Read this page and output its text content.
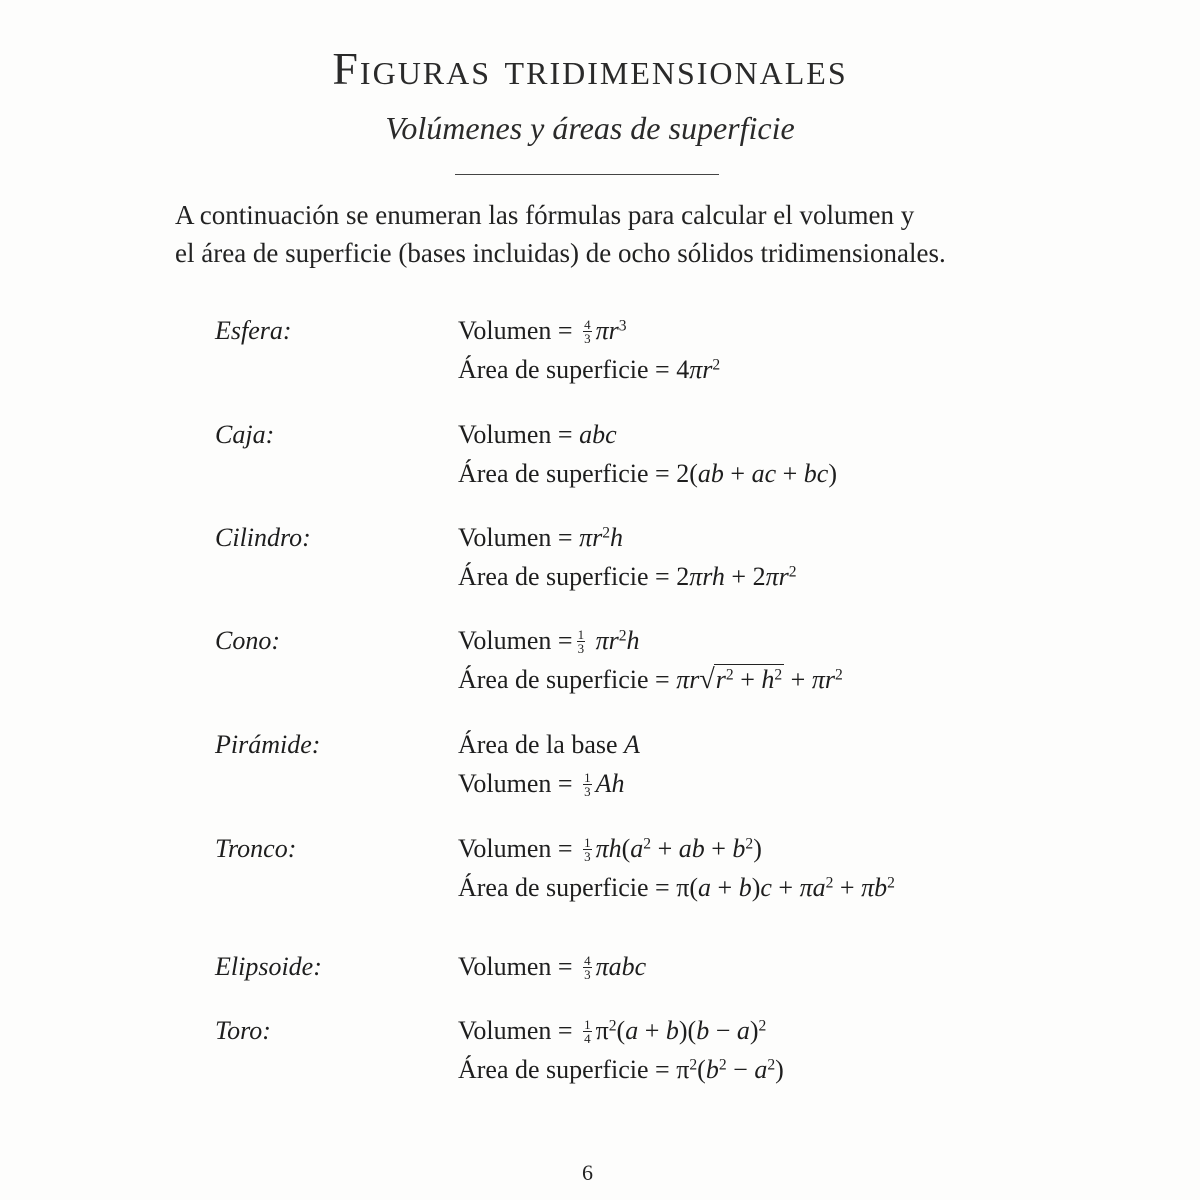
Figuras tridimensionales
Volúmenes y áreas de superficie

A continuación se enumeran las fórmulas para calcular el volumen y

el área de superficie (bases incluidas) de ocho sólidos tridimensionales.

Esfera:	Volumen = $\frac{4}{3} \pi r^3$
Área de superficie = $4\pi r^2$
Caja:	Volumen = abc
Área de superficie = 2(ab + ac + bc)
Cilindro:	Volumen = $\pi r^2h$
Área de superficie = $2\pi rh + 2\pi r^2$
Cono:	Volumen = $\frac{1}{3} \pi r^2h$
Área de superficie = $\pi r√r^2 + h^2 + \pi r^2$
Pirámide:	Área de la base A
Volumen = $\frac{1}{3}$ Ah
Tronco:	Volumen = $\frac{1}{3} \pi h(a^2$ + ab + $b^2$)
Área de superficie = $\pi(a + b)c + \pi a^2 + \pi b^2$
Elipsoide:	Volumen = $\frac{4}{3}$ πabc
Toro:	Volumen = $\frac{1}{4} \pi^2(a + b)(b - a)^2$
Área de superficie = $\pi^2(b^2 - a^2)$
6
